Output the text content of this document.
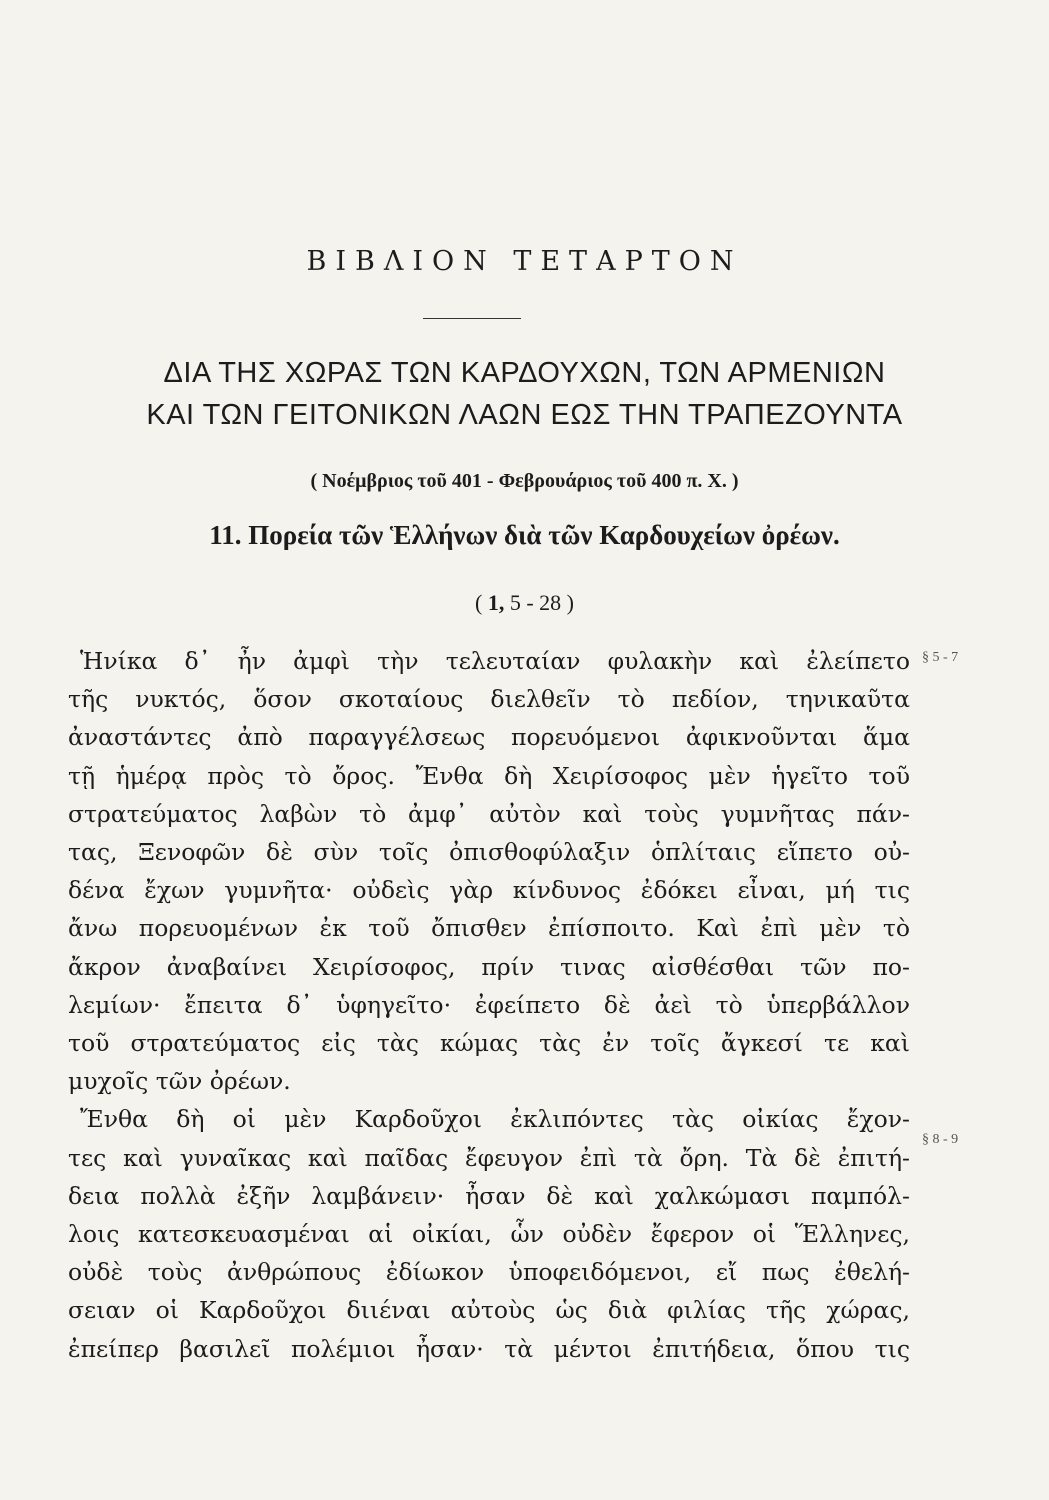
ΒΙΒΛΙΟΝ ΤΕΤΑΡΤΟΝ
ΔΙΑ ΤΗΣ ΧΩΡΑΣ ΤΩΝ ΚΑΡΔΟΥΧΩΝ, ΤΩΝ ΑΡΜΕΝΙΩΝ
ΚΑΙ ΤΩΝ ΓΕΙΤΟΝΙΚΩΝ ΛΑΩΝ ΕΩΣ ΤΗΝ ΤΡΑΠΕΖΟΥΝΤΑ
( Νοέμβριος τοῦ 401 - Φεβρουάριος τοῦ 400 π. Χ. )
11. Πορεία τῶν Ἑλλήνων διὰ τῶν Καρδουχείων ὀρέων.
( 1, 5 - 28 )
§ 5 - 7
§ 8 - 9
Ἡνίκα δ᾽ ἦν ἀμφὶ τὴν τελευταίαν φυλακὴν καὶ ἐλείπετο
τῆς νυκτός, ὅσον σκοταίους διελθεῖν τὸ πεδίον, τηνικαῦτα
ἀναστάντες ἀπὸ παραγγέλσεως πορευόμενοι ἀφικνοῦνται ἅμα
τῇ ἡμέρᾳ πρὸς τὸ ὄρος. Ἔνθα δὴ Χειρίσοφος μὲν ἡγεῖτο τοῦ
στρατεύματος λαβὼν τὸ ἀμφ᾽ αὐτὸν καὶ τοὺς γυμνῆτας πάν-
τας, Ξενοφῶν δὲ σὺν τοῖς ὀπισθοφύλαξιν ὁπλίταις εἵπετο οὐ-
δένα ἔχων γυμνῆτα· οὐδεὶς γὰρ κίνδυνος ἐδόκει εἶναι, μή τις
ἄνω πορευομένων ἐκ τοῦ ὄπισθεν ἐπίσποιτο. Καὶ ἐπὶ μὲν τὸ
ἄκρον ἀναβαίνει Χειρίσοφος, πρίν τινας αἰσθέσθαι τῶν πο-
λεμίων· ἔπειτα δ᾽ ὑφηγεῖτο· ἐφείπετο δὲ ἀεὶ τὸ ὑπερβάλλον
τοῦ στρατεύματος εἰς τὰς κώμας τὰς ἐν τοῖς ἄγκεσί τε καὶ
μυχοῖς τῶν ὀρέων.
Ἔνθα δὴ οἱ μὲν Καρδοῦχοι ἐκλιπόντες τὰς οἰκίας ἔχον-
τες καὶ γυναῖκας καὶ παῖδας ἔφευγον ἐπὶ τὰ ὄρη. Τὰ δὲ ἐπιτή-
δεια πολλὰ ἐξῆν λαμβάνειν· ἦσαν δὲ καὶ χαλκώμασι παμπόλ-
λοις κατεσκευασμέναι αἱ οἰκίαι, ὧν οὐδὲν ἔφερον οἱ Ἕλληνες,
οὐδὲ τοὺς ἀνθρώπους ἐδίωκον ὑποφειδόμενοι, εἴ πως ἐθελή-
σειαν οἱ Καρδοῦχοι διιέναι αὐτοὺς ὡς διὰ φιλίας τῆς χώρας,
ἐπείπερ βασιλεῖ πολέμιοι ἦσαν· τὰ μέντοι ἐπιτήδεια, ὅπου τις
